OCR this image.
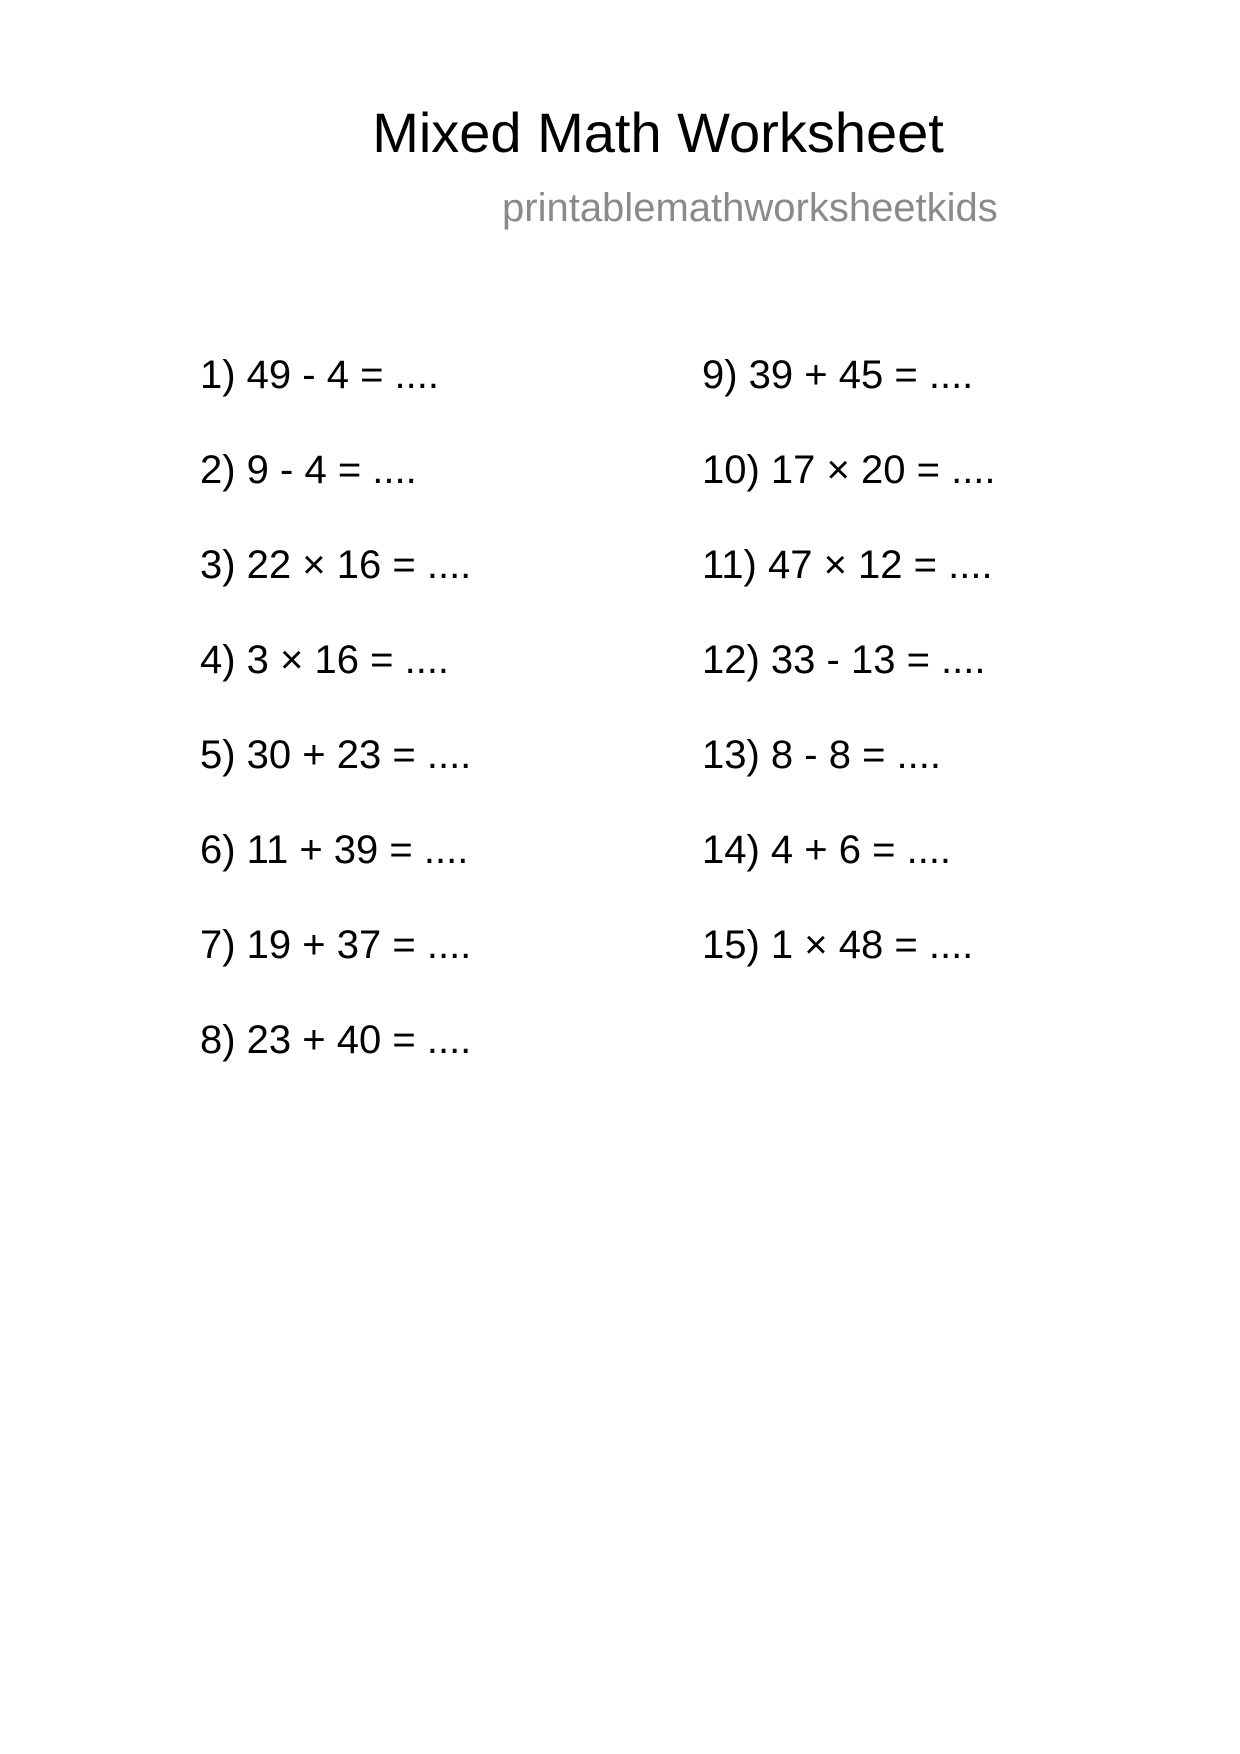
Mixed Math Worksheet
printablemathworksheetkids
1) 49 - 4 = ....
2) 9 - 4 = ....
3) 22 × 16 = ....
4) 3 × 16 = ....
5) 30 + 23 = ....
6) 11 + 39 = ....
7) 19 + 37 = ....
8) 23 + 40 = ....
9) 39 + 45 = ....
10) 17 × 20 = ....
11) 47 × 12 = ....
12) 33 - 13 = ....
13) 8 - 8 = ....
14) 4 + 6 = ....
15) 1 × 48 = ....
